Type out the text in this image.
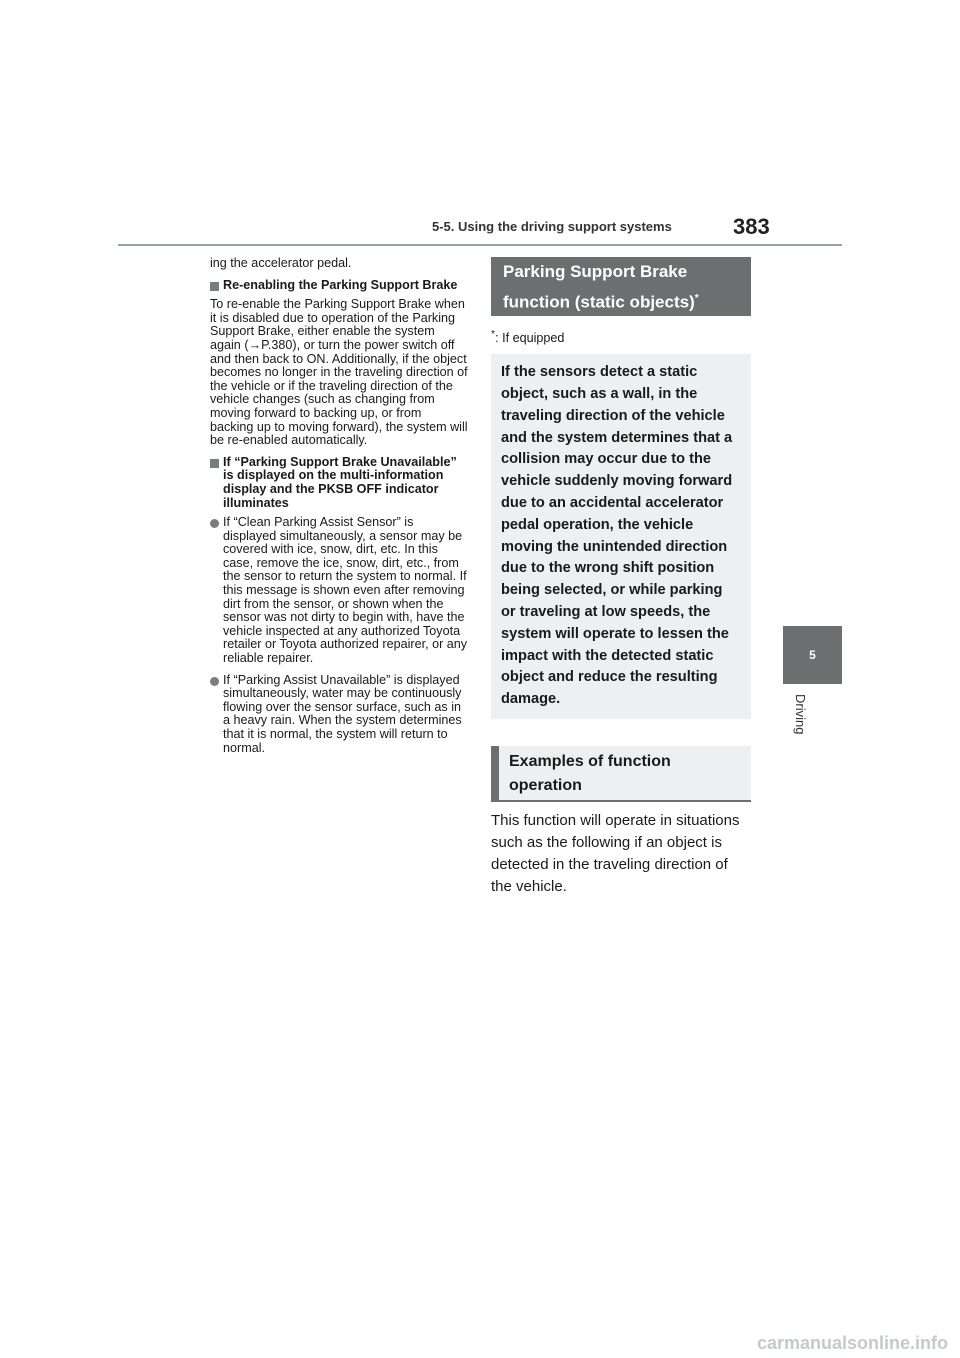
5-5. Using the driving support systems	383
5
Driving

ing the accelerator pedal.

Re-enabling the Parking Support Brake

To re-enable the Parking Support Brake when it is disabled due to operation of the Parking Support Brake, either enable the system again (→P.380), or turn the power switch off and then back to ON. Additionally, if the object becomes no longer in the traveling direction of the vehicle or if the traveling direction of the vehicle changes (such as changing from moving forward to backing up, or from backing up to moving forward), the system will be re-enabled automatically.

If “Parking Support Brake Unavailable” is displayed on the multi-information display and the PKSB OFF indicator illuminates
If “Clean Parking Assist Sensor” is displayed simultaneously, a sensor may be covered with ice, snow, dirt, etc. In this case, remove the ice, snow, dirt, etc., from the sensor to return the system to normal. If this message is shown even after removing dirt from the sensor, or shown when the sensor was not dirty to begin with, have the vehicle inspected at any authorized Toyota retailer or Toyota authorized repairer, or any reliable repairer.
If “Parking Assist Unavailable” is displayed simultaneously, water may be continuously flowing over the sensor surface, such as in a heavy rain. When the system determines that it is normal, the system will return to normal.
Parking Support Brake function (static objects)*
*: If equipped
If the sensors detect a static object, such as a wall, in the traveling direction of the vehicle and the system determines that a collision may occur due to the vehicle suddenly moving forward due to an accidental accelerator pedal operation, the vehicle moving the unintended direction due to the wrong shift position being selected, or while parking or traveling at low speeds, the system will operate to lessen the impact with the detected static object and reduce the resulting damage.
Examples of function operation
This function will operate in situations such as the following if an object is detected in the traveling direction of the vehicle.
carmanualsonline.info
